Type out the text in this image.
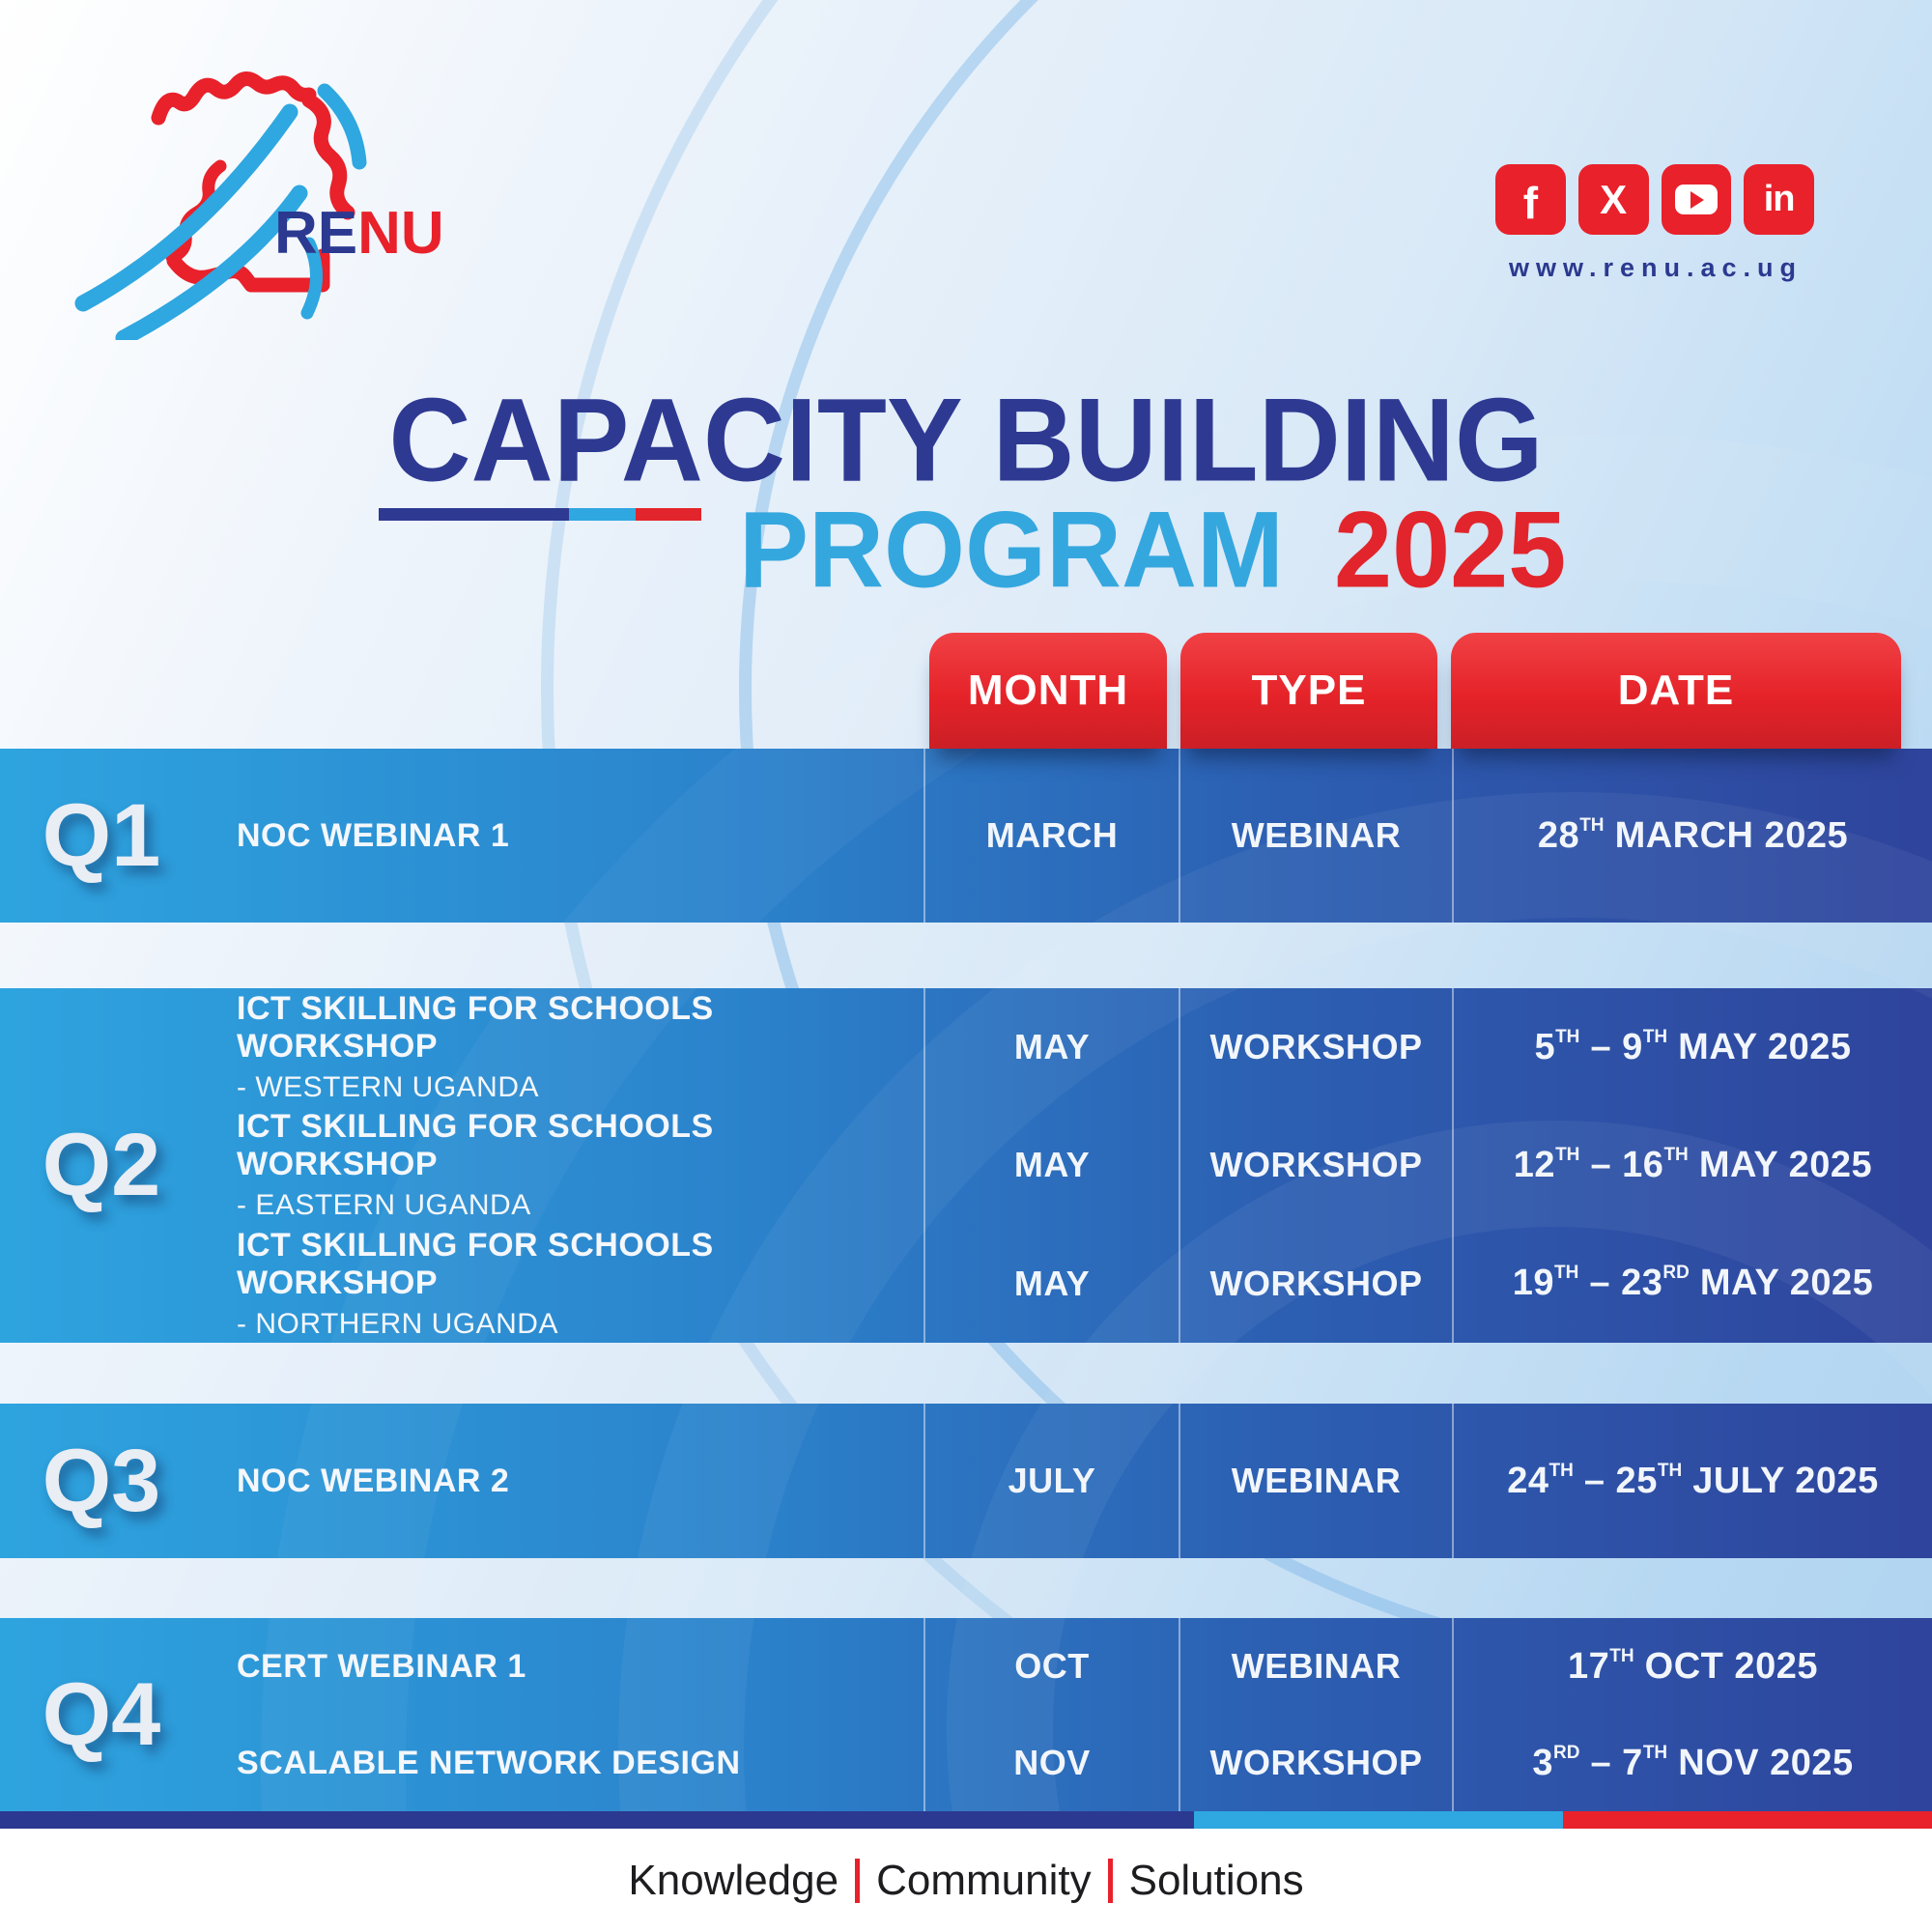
RENU	f X	in
www.renu.ac.ug
CAPACITY BUILDING
PROGRAM 2025
MONTH	TYPE	DATE
Q1 NOC WEBINAR 1	MARCH	WEBINAR	28 TH MARCH 2025
Q2
ICT SKILLING FOR SCHOOLS WORKSHOP
- WESTERN UGANDA
MAY	WORKSHOP	5 TH – 9 TH MAY 2025
ICT SKILLING FOR SCHOOLS WORKSHOP
- EASTERN UGANDA
MAY	WORKSHOP	12 TH – 16 TH MAY 2025
ICT SKILLING FOR SCHOOLS WORKSHOP
- NORTHERN UGANDA
MAY	WORKSHOP	19 TH – 23 RD MAY 2025
Q3 NOC WEBINAR 2	JULY	WEBINAR	24 TH – 25 TH JULY 2025
Q4 CERT WEBINAR 1	OCT	WEBINAR	17 TH OCT 2025
SCALABLE NETWORK DESIGN	NOV	WORKSHOP	3 RD – 7 TH NOV 2025
Knowledge Community Solutions
